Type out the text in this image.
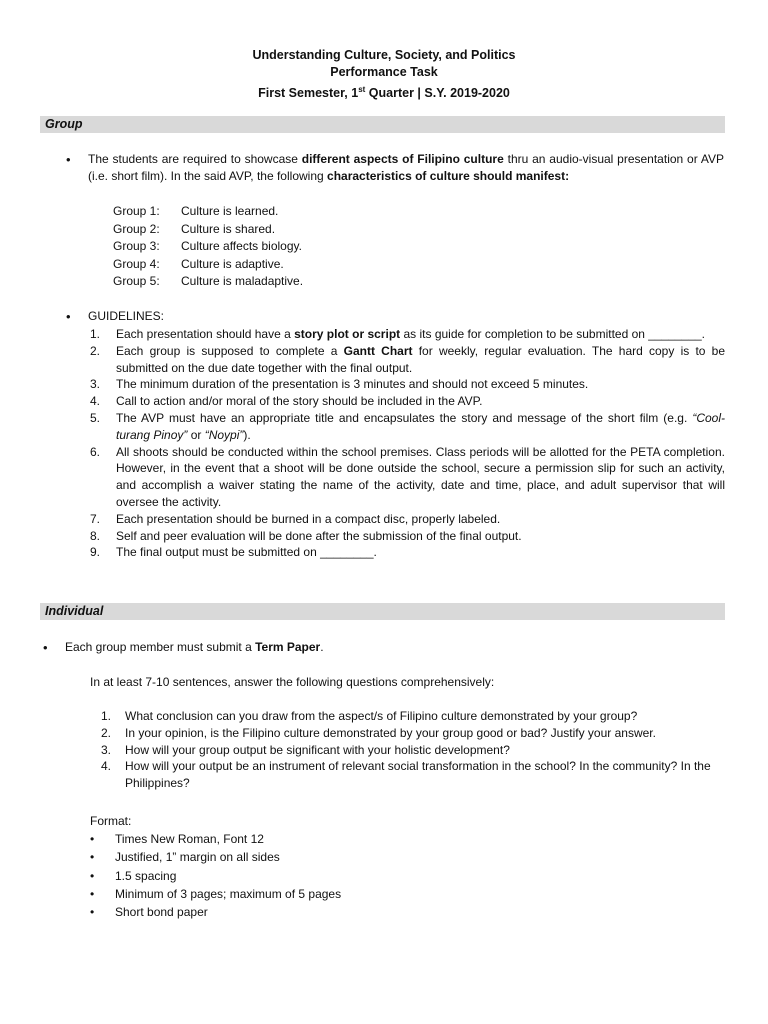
Understanding Culture, Society, and Politics
Performance Task
First Semester, 1st Quarter | S.Y. 2019-2020
Group
•	The students are required to showcase different aspects of Filipino culture thru an audio-visual presentation or AVP (i.e. short film). In the said AVP, the following characteristics of culture should manifest:
Group 1:	Culture is learned.
Group 2:	Culture is shared.
Group 3:	Culture affects biology.
Group 4:	Culture is adaptive.
Group 5:	Culture is maladaptive.
•	GUIDELINES:
1.	Each presentation should have a story plot or script as its guide for completion to be submitted on ________.
2.	Each group is supposed to complete a Gantt Chart for weekly, regular evaluation. The hard copy is to be submitted on the due date together with the final output.
3.	The minimum duration of the presentation is 3 minutes and should not exceed 5 minutes.
4.	Call to action and/or moral of the story should be included in the AVP.
5.	The AVP must have an appropriate title and encapsulates the story and message of the short film (e.g. “Cool-turang Pinoy” or “Noypi”).
6.	All shoots should be conducted within the school premises. Class periods will be allotted for the PETA completion. However, in the event that a shoot will be done outside the school, secure a permission slip for such an activity, and accomplish a waiver stating the name of the activity, date and time, place, and adult supervisor that will oversee the activity.
7.	Each presentation should be burned in a compact disc, properly labeled.
8.	Self and peer evaluation will be done after the submission of the final output.
9.	The final output must be submitted on ________.
Individual
•	Each group member must submit a Term Paper.
In at least 7-10 sentences, answer the following questions comprehensively:
1.	What conclusion can you draw from the aspect/s of Filipino culture demonstrated by your group?
2.	In your opinion, is the Filipino culture demonstrated by your group good or bad? Justify your answer.
3.	How will your group output be significant with your holistic development?
4.	How will your output be an instrument of relevant social transformation in the school? In the community? In the Philippines?
Format:
•	Times New Roman, Font 12
•	Justified, 1” margin on all sides
•	1.5 spacing
•	Minimum of 3 pages; maximum of 5 pages
•	Short bond paper
